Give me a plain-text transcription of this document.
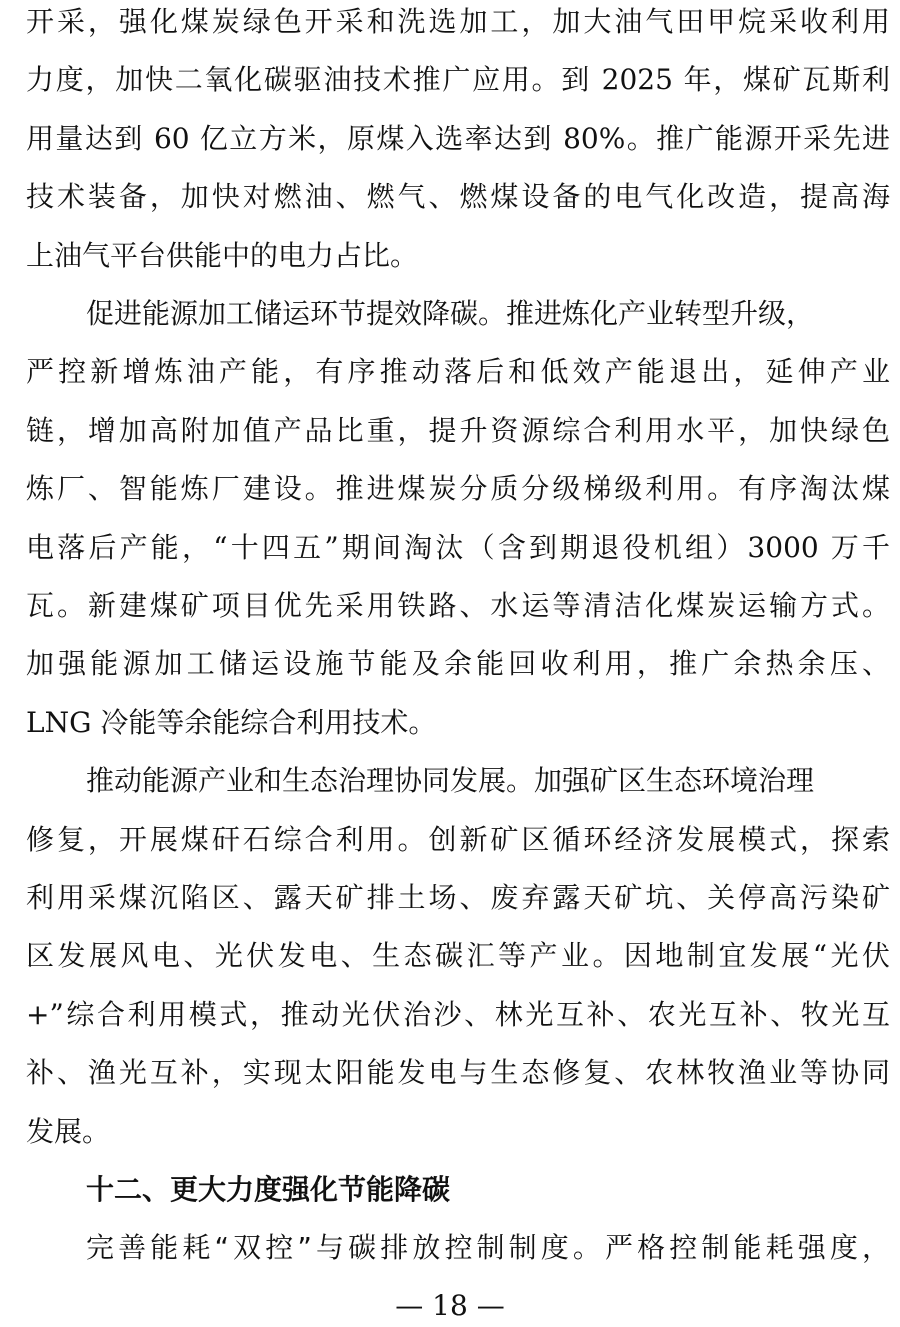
开采，强化煤炭绿色开采和洗选加工，加大油气田甲烷采收利用
力度，加快二氧化碳驱油技术推广应用。到 2025 年，煤矿瓦斯利
用量达到 60 亿立方米，原煤入选率达到 80%。推广能源开采先进
技术装备，加快对燃油、燃气、燃煤设备的电气化改造，提高海
上油气平台供能中的电力占比。
促进能源加工储运环节提效降碳。推进炼化产业转型升级，
严控新增炼油产能，有序推动落后和低效产能退出，延伸产业
链，增加高附加值产品比重，提升资源综合利用水平，加快绿色
炼厂、智能炼厂建设。推进煤炭分质分级梯级利用。有序淘汰煤
电落后产能，“十四五”期间淘汰（含到期退役机组）3000 万千
瓦。新建煤矿项目优先采用铁路、水运等清洁化煤炭运输方式。
加强能源加工储运设施节能及余能回收利用，推广余热余压、
LNG 冷能等余能综合利用技术。
推动能源产业和生态治理协同发展。加强矿区生态环境治理
修复，开展煤矸石综合利用。创新矿区循环经济发展模式，探索
利用采煤沉陷区、露天矿排土场、废弃露天矿坑、关停高污染矿
区发展风电、光伏发电、生态碳汇等产业。因地制宜发展“光伏
+”综合利用模式，推动光伏治沙、林光互补、农光互补、牧光互
补、渔光互补，实现太阳能发电与生态修复、农林牧渔业等协同
发展。
十二、更大力度强化节能降碳
完善能耗“双控”与碳排放控制制度。严格控制能耗强度，
— 18 —
